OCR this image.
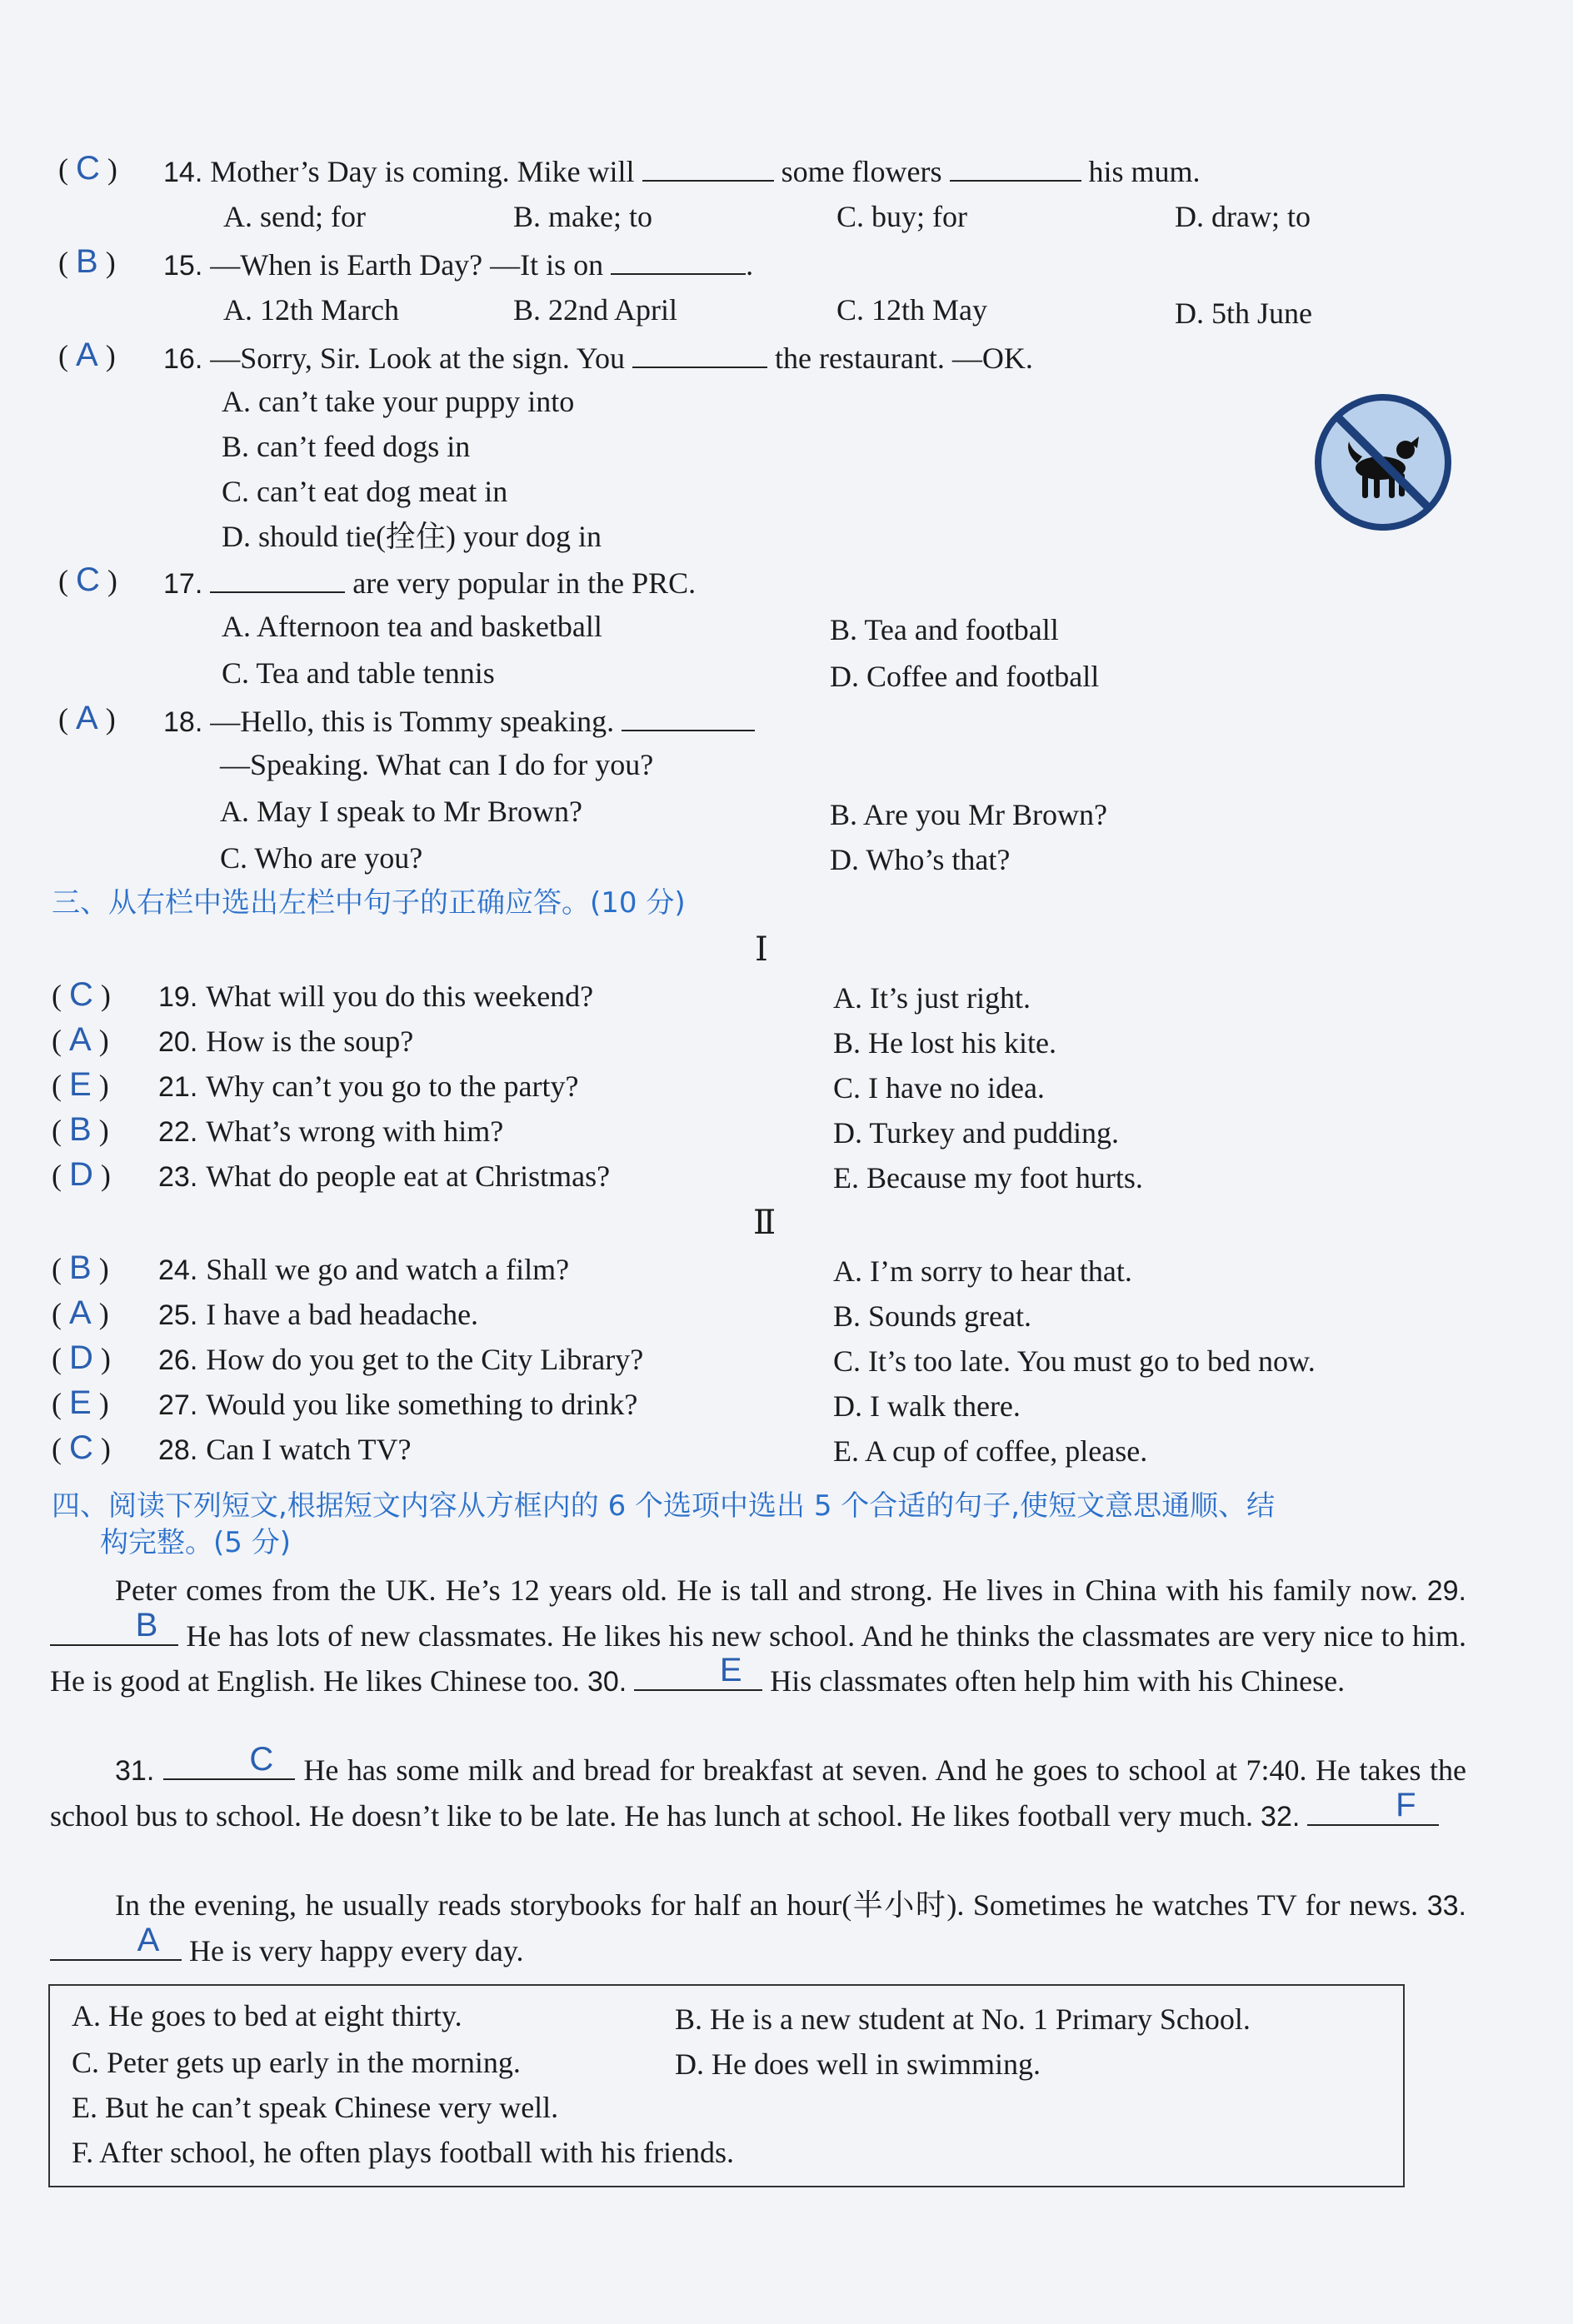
( C ) 14. Mother’s Day is coming. Mike will	some flowers	his mum.
A. send; for	B. make; to	C. buy; for	D. draw; to
( B ) 15. —When is Earth Day? —It is on	.
A. 12th March	B. 22nd April	C. 12th May	D. 5th June
( A ) 16. —Sorry, Sir. Look at the sign. You	the restaurant. —OK.
A. can’t take your puppy into
B. can’t feed dogs in
C. can’t eat dog meat in
D. should tie(拴住) your dog in
( C ) 17.	are very popular in the PRC.
A. Afternoon tea and basketball	B. Tea and football
C. Tea and table tennis	D. Coffee and football
( A ) 18. —Hello, this is Tommy speaking.
—Speaking. What can I do for you?
A. May I speak to Mr Brown?	B. Are you Mr Brown?
C. Who are you?	D. Who’s that?
三、从右栏中选出左栏中句子的正确应答。(10 分)
Ⅰ
( C ) 19. What will you do this weekend?	A. It’s just right.
( A ) 20. How is the soup?	B. He lost his kite.
( E ) 21. Why can’t you go to the party?	C. I have no idea.
( B ) 22. What’s wrong with him?	D. Turkey and pudding.
( D ) 23. What do people eat at Christmas?	E. Because my foot hurts.
Ⅱ
( B ) 24. Shall we go and watch a film?	A. I’m sorry to hear that.
( A ) 25. I have a bad headache.	B. Sounds great.
( D ) 26. How do you get to the City Library?	C. It’s too late. You must go to bed now.
( E ) 27. Would you like something to drink?	D. I walk there.
( C ) 28. Can I watch TV?	E. A cup of coffee, please.
四、阅读下列短文,根据短文内容从方框内的 6 个选项中选出 5 个合适的句子,使短文意思通顺、结
构完整。(5 分)
Peter comes from the UK. He’s 12 years old. He is tall and strong. He lives in China with his family now. 29.
B He has lots of new classmates. He likes his new school. And he thinks the classmates are very nice to him. He is good at English. He likes Chinese too. 30.	E His classmates often help him with his Chinese.
31.	C	He has some milk and bread for breakfast at seven. And he goes to school at 7:40. He takes the school bus to school. He doesn’t like to be late. He has lunch at school. He likes football very much. 32.	F
In the evening, he usually reads storybooks for half an hour(半小时). Sometimes he watches TV for news. 33.
A He is very happy every day.
A. He goes to bed at eight thirty.	B. He is a new student at No. 1 Primary School.
C. Peter gets up early in the morning.	D. He does well in swimming.
E. But he can’t speak Chinese very well.
F. After school, he often plays football with his friends.
